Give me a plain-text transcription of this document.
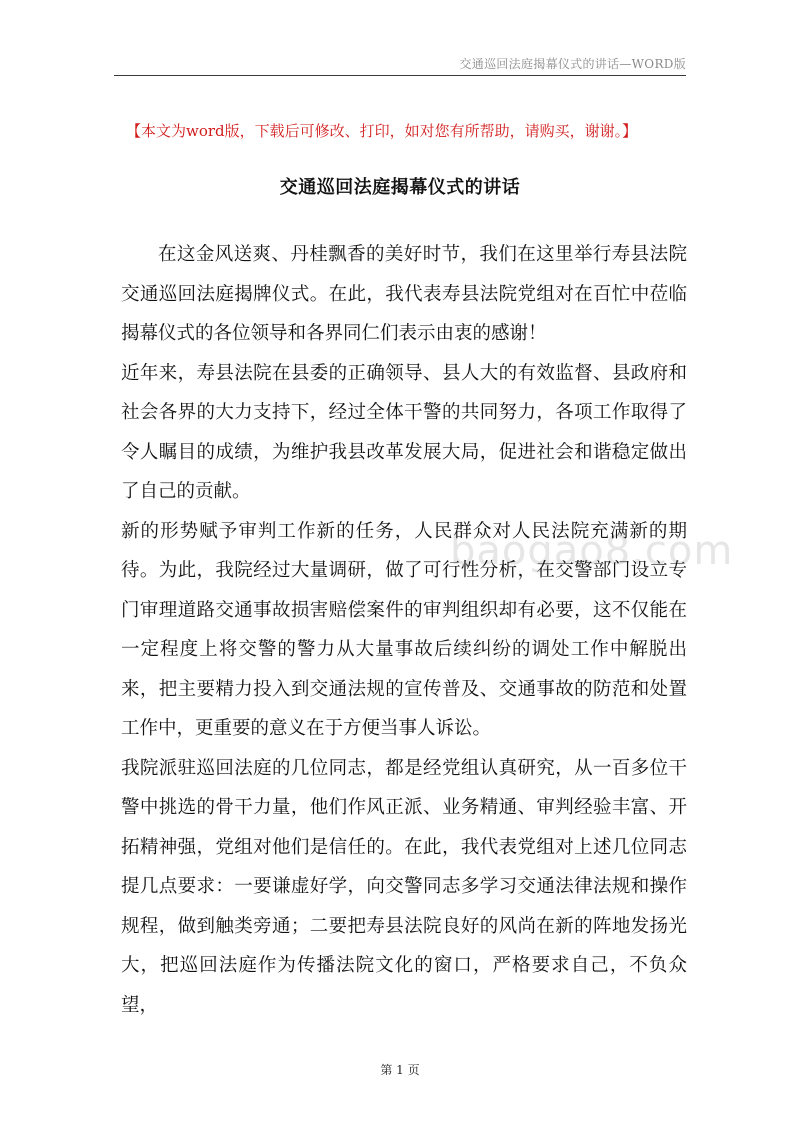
交通巡回法庭揭幕仪式的讲话—WORD版
【本文为word版，下载后可修改、打印，如对您有所帮助，请购买，谢谢。】
交通巡回法庭揭幕仪式的讲话
baogao8.com

在这金风送爽、丹桂飘香的美好时节，我们在这里举行寿县法院交通巡回法庭揭牌仪式。在此，我代表寿县法院党组对在百忙中莅临揭幕仪式的各位领导和各界同仁们表示由衷的感谢！

近年来，寿县法院在县委的正确领导、县人大的有效监督、县政府和社会各界的大力支持下，经过全体干警的共同努力，各项工作取得了令人瞩目的成绩，为维护我县改革发展大局，促进社会和谐稳定做出了自己的贡献。

新的形势赋予审判工作新的任务，人民群众对人民法院充满新的期待。为此，我院经过大量调研，做了可行性分析，在交警部门设立专门审理道路交通事故损害赔偿案件的审判组织却有必要，这不仅能在一定程度上将交警的警力从大量事故后续纠纷的调处工作中解脱出来，把主要精力投入到交通法规的宣传普及、交通事故的防范和处置工作中，更重要的意义在于方便当事人诉讼。

我院派驻巡回法庭的几位同志，都是经党组认真研究，从一百多位干警中挑选的骨干力量，他们作风正派、业务精通、审判经验丰富、开拓精神强，党组对他们是信任的。在此，我代表党组对上述几位同志提几点要求：一要谦虚好学，向交警同志多学习交通法律法规和操作规程，做到触类旁通；二要把寿县法院良好的风尚在新的阵地发扬光大，把巡回法庭作为传播法院文化的窗口，严格要求自己，不负众望，

第 1 页
